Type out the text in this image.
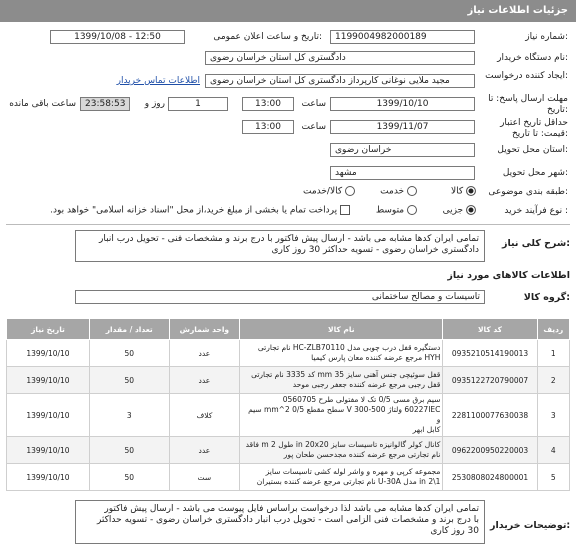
جزئیات اطلاعات نیاز
شماره نیاز:
1199004982000189
تاریخ و ساعت اعلان عمومی:
1399/10/08 - 12:50
نام دستگاه خریدار:
دادگستری کل استان خراسان رضوی
ایجاد کننده درخواست:
مجید ملایی نوغانی کارپرداز دادگستری کل استان خراسان رضوی
اطلاعات تماس خریدار
مهلت ارسال پاسخ: تا تاریخ:
1399/10/10
ساعت
13:00
1
روز و
23:58:53
ساعت باقی مانده
حداقل تاریخ اعتبار قیمت: تا تاریخ:
1399/11/07
ساعت
13:00
استان محل تحویل:
خراسان رضوی
شهر محل تحویل:
مشهد
طبقه بندی موضوعی:
کالا
خدمت
کالا/خدمت
نوع فرآیند خرید :
جزیی
متوسط
پرداخت تمام یا بخشی از مبلغ خرید،از محل "اسناد خزانه اسلامی" خواهد بود.
شرح کلی نیاز:
تمامی ایران کدها مشابه می باشد - ارسال پیش فاکتور با درج برند و مشخصات فنی - تحویل درب انبار
دادگستری خراسان رضوی - تسویه حداکثر 30 روز کاری
اطلاعات کالاهای مورد نیاز
گروه کالا:
تاسیسات و مصالح ساختمانی
ردیف	کد کالا	نام کالا	واحد شمارش	تعداد / مقدار	تاریخ نیاز
1	0935210514190013	دستگیره قفل درب چوبی مدل HC-ZLB70110 نام تجارتی
HYH مرجع عرضه کننده معان پارس کیمیا	عدد	50	1399/10/10
2	0935122720790007	قفل سوئیچی جنس آهنی سایز 35 mm کد 3335 نام تجارتی
قفل رجبی مرجع عرضه کننده جعفر رجبی موحد	عدد	50	1399/10/10
3	2281100077630038	سیم برق مسی 0/5 تک لا مفتولی طرح 0560705
60227IEC ولتاژ 500-300 V سطح مقطع 0/5 mm^2 سیم و
کابل ابهر	کلاف	3	1399/10/10
4	0962200950220003	کانال کولر گالوانیزه تاسیسات سایز in 20x20 طول 2 m فاقد
نام تجارتی مرجع عرضه کننده مجدحسن طحان پور	عدد	50	1399/10/10
5	2530808024800001	مجموعه کرپی و مهره و واشر لوله کشی تاسیسات سایز
in 2\1 مدل U-30A نام تجارتی مرجع عرضه کننده بستیران	ست	50	1399/10/10
توضیحات خریدار:
تمامی ایران کدها مشابه می باشد لذا درخواست براساس فایل پیوست می باشد - ارسال پیش فاکتور
با درج برند و مشخصات فنی الزامی است - تحویل درب انبار دادگستری خراسان رضوی - تسویه حداکثر
30 روز کاری
